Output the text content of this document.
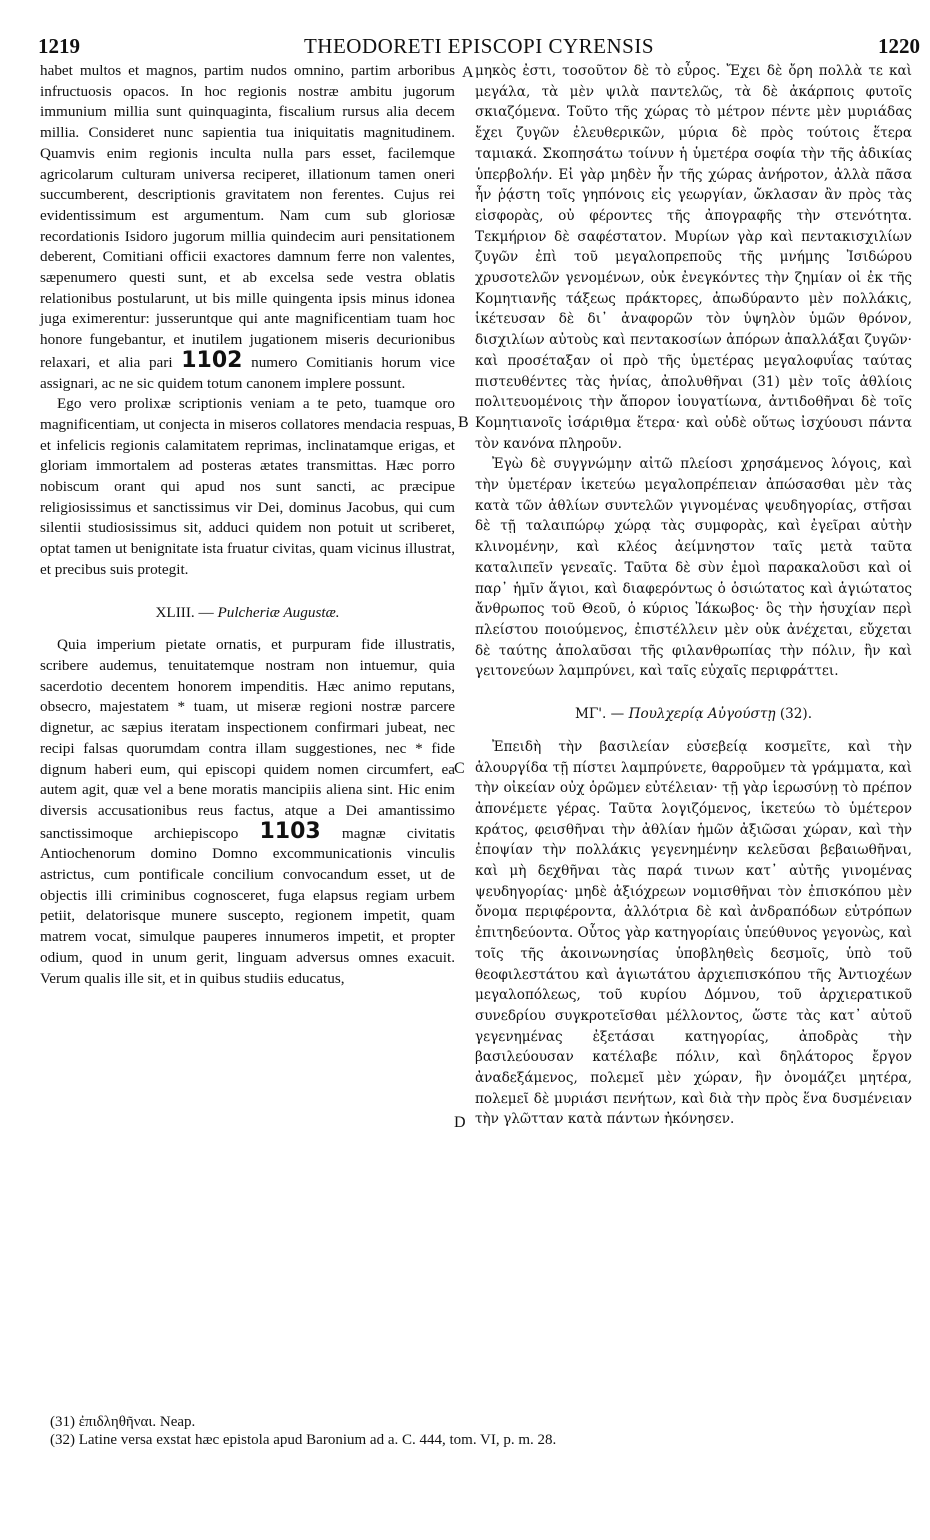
1219	THEODORETI EPISCOPI CYRENSIS	1220

habet multos et magnos, partim nudos omnino, partim arboribus infructuosis opacos. In hoc regionis nostræ ambitu jugorum immunium millia sunt quinquaginta, fiscalium rursus alia decem millia. Consideret nunc sapientia tua iniquitatis magnitudinem. Quamvis enim regionis inculta nulla pars esset, facilemque agricolarum culturam universa reciperet, illationum tamen oneri succumberent, descriptionis gravitatem non ferentes. Cujus rei evidentissimum est argumentum. Nam cum sub gloriosæ recordationis Isidoro jugorum millia quindecim auri pensitationem deberent, Comitiani officii exactores damnum ferre non valentes, sæpenumero questi sunt, et ab excelsa sede vestra oblatis relationibus postularunt, ut bis mille quingenta ipsis minus idonea juga eximerentur: jusseruntque qui ante magnificentiam tuam hoc honore fungebantur, et inutilem jugationem miseris decurionibus relaxari, et alia pari 1102 numero Comitianis horum vice assignari, ac ne sic quidem totum canonem implere possunt.

Ego vero prolixæ scriptionis veniam a te peto, tuamque oro magnificentiam, ut conjecta in miseros collatores mendacia respuas, et infelicis regionis calamitatem reprimas, inclinatamque erigas, et gloriam immortalem ad posteras ætates transmittas. Hæc porro nobiscum orant qui apud nos sunt sancti, ac præcipue religiosissimus et sanctissimus vir Dei, dominus Jacobus, qui cum silentii studiosissimus sit, adduci quidem non potuit ut scriberet, optat tamen ut benignitate ista fruatur civitas, quam vicinus illustrat, et precibus suis protegit.

XLIII. — Pulcheriæ Augustæ.

Quia imperium pietate ornatis, et purpuram fide illustratis, scribere audemus, tenuitatemque nostram non intuemur, quia sacerdotio decentem honorem impenditis. Hæc animo reputans, obsecro, majestatem * tuam, ut miseræ regioni nostræ parcere dignetur, ac sæpius iteratam inspectionem confirmari jubeat, nec recipi falsas quorumdam contra illam suggestiones, nec * fide dignum haberi eum, qui episcopi quidem nomen circumfert, ea autem agit, quæ vel a bene moratis mancipiis aliena sint. Hic enim diversis accusationibus reus factus, atque a Dei amantissimo sanctissimoque archiepiscopo 1103 magnæ civitatis Antiochenorum domino Domno excommunicationis vinculis astrictus, cum pontificale concilium convocandum esset, ut de objectis illi criminibus cognosceret, fuga elapsus regiam urbem petiit, delatorisque munere suscepto, regionem impetit, quam matrem vocat, simulque pauperes innumeros impetit, et propter odium, quod in unum gerit, linguam adversus omnes exacuit. Verum qualis ille sit, et in quibus studiis educatus,

A
B
C
D

μηκὸς ἐστι, τοσοῦτον δὲ τὸ εὖρος. Ἔχει δὲ ὄρη πολλὰ τε καὶ μεγάλα, τὰ μὲν ψιλὰ παντελῶς, τὰ δὲ ἀκάρποις φυτοῖς σκιαζόμενα. Τοῦτο τῆς χώρας τὸ μέτρον πέντε μὲν μυριάδας ἔχει ζυγῶν ἐλευθερικῶν, μύρια δὲ πρὸς τούτοις ἕτερα ταμιακά. Σκοπησάτω τοίνυν ἡ ὑμετέρα σοφία τὴν τῆς ἀδικίας ὑπερβολήν. Εἰ γὰρ μηδὲν ἦν τῆς χώρας ἀνήροτον, ἀλλὰ πᾶσα ἦν ῥᾴστη τοῖς γηπόνοις εἰς γεωργίαν, ὤκλασαν ἂν πρὸς τὰς εἰσφορὰς, οὐ φέροντες τῆς ἀπογραφῆς τὴν στενότητα. Τεκμήριον δὲ σαφέστατον. Μυρίων γὰρ καὶ πεντακισχιλίων ζυγῶν ἐπὶ τοῦ μεγαλοπρεποῦς τῆς μνήμης Ἰσιδώρου χρυσοτελῶν γενομένων, οὐκ ἐνεγκόντες τὴν ζημίαν οἱ ἐκ τῆς Κομητιανῆς τάξεως πράκτορες, ἀπωδύραντο μὲν πολλάκις, ἱκέτευσαν δὲ δι᾿ ἀναφορῶν τὸν ὑψηλὸν ὑμῶν θρόνον, δισχιλίων αὐτοὺς καὶ πεντακοσίων ἀπόρων ἀπαλλάξαι ζυγῶν· καὶ προσέταξαν οἱ πρὸ τῆς ὑμετέρας μεγαλοφυΐας ταύτας πιστευθέντες τὰς ἡνίας, ἀπολυθῆναι (31) μὲν τοῖς ἀθλίοις πολιτευομένοις τὴν ἄπορον ἰουγατίωνα, ἀντιδοθῆναι δὲ τοῖς Κομητιανοῖς ἰσάριθμα ἕτερα· καὶ οὐδὲ οὕτως ἰσχύουσι πάντα τὸν κανόνα πληροῦν.

Ἐγὼ δὲ συγγνώμην αἰτῶ πλείοσι χρησάμενος λόγοις, καὶ τὴν ὑμετέραν ἱκετεύω μεγαλοπρέπειαν ἀπώσασθαι μὲν τὰς κατὰ τῶν ἀθλίων συντελῶν γιγνομένας ψευδηγορίας, στῆσαι δὲ τῇ ταλαιπώρῳ χώρᾳ τὰς συμφορὰς, καὶ ἐγεῖραι αὐτὴν κλινομένην, καὶ κλέος ἀείμνηστον ταῖς μετὰ ταῦτα καταλιπεῖν γενεαῖς. Ταῦτα δὲ σὺν ἐμοὶ παρακαλοῦσι καὶ οἱ παρ᾿ ἡμῖν ἅγιοι, καὶ διαφερόντως ὁ ὁσιώτατος καὶ ἁγιώτατος ἄνθρωπος τοῦ Θεοῦ, ὁ κύριος Ἰάκωβος· ὃς τὴν ἡσυχίαν περὶ πλείστου ποιούμενος, ἐπιστέλλειν μὲν οὐκ ἀνέχεται, εὔχεται δὲ ταύτης ἀπολαῦσαι τῆς φιλανθρωπίας τὴν πόλιν, ἣν καὶ γειτονεύων λαμπρύνει, καὶ ταῖς εὐχαῖς περιφράττει.

ΜΓ'. — Πουλχερίᾳ Αὐγούστῃ (32).

Ἐπειδὴ τὴν βασιλείαν εὐσεβείᾳ κοσμεῖτε, καὶ τὴν ἁλουργίδα τῇ πίστει λαμπρύνετε, θαρροῦμεν τὰ γράμματα, καὶ τὴν οἰκείαν οὐχ ὁρῶμεν εὐτέλειαν· τῇ γὰρ ἱερωσύνῃ τὸ πρέπον ἀπονέμετε γέρας. Ταῦτα λογιζόμενος, ἱκετεύω τὸ ὑμέτερον κράτος, φεισθῆναι τὴν ἀθλίαν ἡμῶν ἀξιῶσαι χώραν, καὶ τὴν ἐποψίαν τὴν πολλάκις γεγενημένην κελεῦσαι βεβαιωθῆναι, καὶ μὴ δεχθῆναι τὰς παρά τινων κατ᾿ αὐτῆς γινομένας ψευδηγορίας· μηδὲ ἀξιόχρεων νομισθῆναι τὸν ἐπισκόπου μὲν ὄνομα περιφέροντα, ἀλλότρια δὲ καὶ ἀνδραπόδων εὐτρόπων ἐπιτηδεύοντα. Οὗτος γὰρ κατηγορίαις ὑπεύθυνος γεγονὼς, καὶ τοῖς τῆς ἀκοινωνησίας ὑποβληθεὶς δεσμοῖς, ὑπὸ τοῦ θεοφιλεστάτου καὶ ἁγιωτάτου ἀρχιεπισκόπου τῆς Ἀντιοχέων μεγαλοπόλεως, τοῦ κυρίου Δόμνου, τοῦ ἀρχιερατικοῦ συνεδρίου συγκροτεῖσθαι μέλλοντος, ὥστε τὰς κατ᾿ αὐτοῦ γεγενημένας ἐξετάσαι κατηγορίας, ἀποδρὰς τὴν βασιλεύουσαν κατέλαβε πόλιν, καὶ δηλάτορος ἔργον ἀναδεξάμενος, πολεμεῖ μὲν χώραν, ἣν ὀνομάζει μητέρα, πολεμεῖ δὲ μυριάσι πενήτων, καὶ διὰ τὴν πρὸς ἕνα δυσμένειαν τὴν γλῶτταν κατὰ πάντων ἠκόνησεν.

(31) ἐπιδληθῆναι. Neap.

(32) Latine versa exstat hæc epistola apud Baronium ad a. C. 444, tom. VI, p. m. 28.
